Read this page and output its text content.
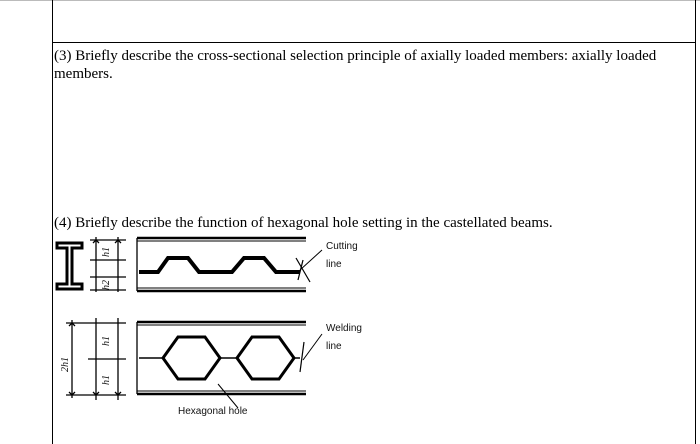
(3) Briefly describe the cross-sectional selection principle of axially loaded members: axially loaded members.

(4) Briefly describe the function of hexagonal hole setting in the castellated beams.

h1
h2
Cutting
line
2h1
h1
h1
Welding
line
Hexagonal hole
